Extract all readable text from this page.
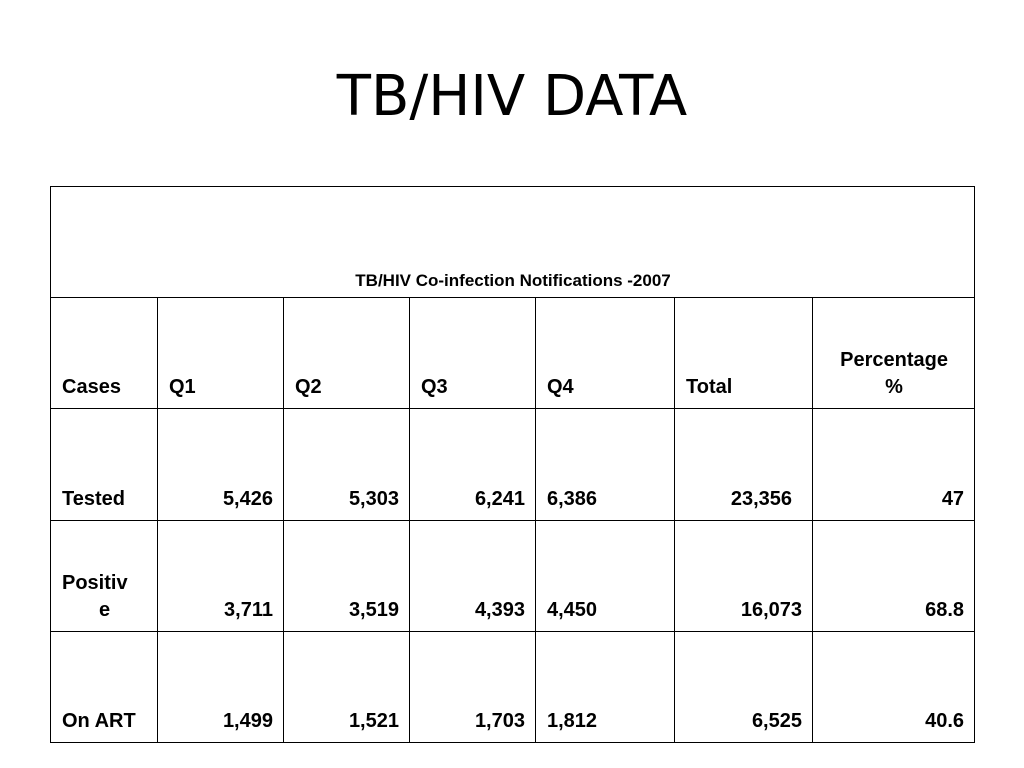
TB/HIV DATA
TB/HIV Co-infection Notifications -2007						
Cases	Q1	Q2	Q3	Q4	Total	Percentage
%

Tested	5,426	5,303	6,241	6,386	23,356	47

Positiv
e	3,711	3,519	4,393	4,450	16,073	68.8
On ART	1,499	1,521	1,703	1,812	6,525	40.6
